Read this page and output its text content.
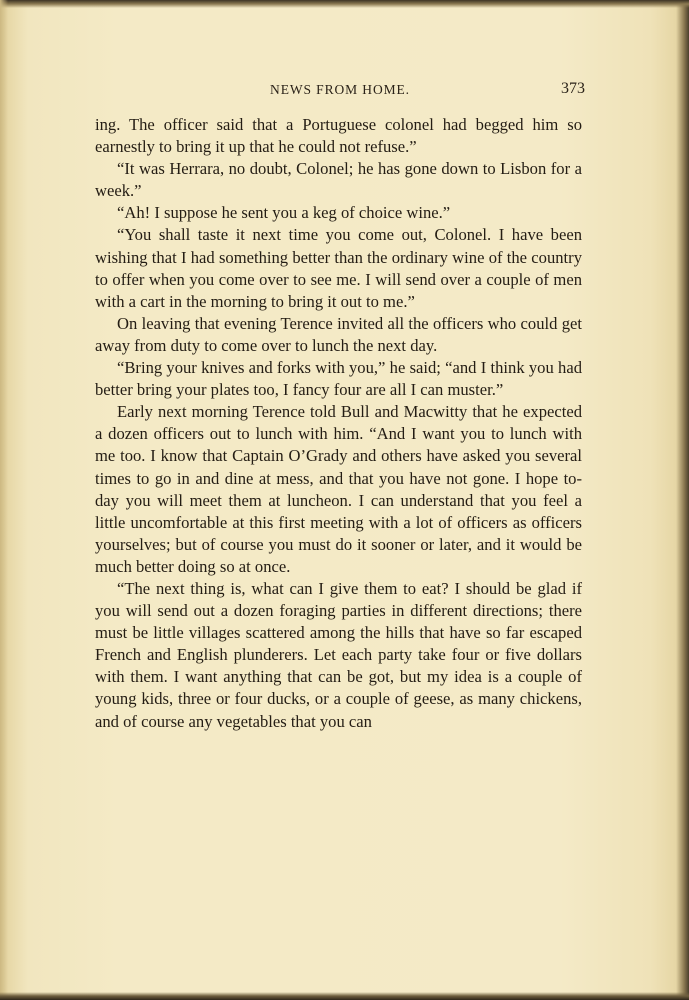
NEWS FROM HOME.	373

ing. The officer said that a Portuguese colonel had begged him so earnestly to bring it up that he could not refuse.”

“It was Herrara, no doubt, Colonel; he has gone down to Lisbon for a week.”

“Ah! I suppose he sent you a keg of choice wine.”

“You shall taste it next time you come out, Colonel. I have been wishing that I had something better than the ordinary wine of the country to offer when you come over to see me. I will send over a couple of men with a cart in the morning to bring it out to me.”

On leaving that evening Terence invited all the officers who could get away from duty to come over to lunch the next day.

“Bring your knives and forks with you,” he said; “and I think you had better bring your plates too, I fancy four are all I can muster.”

Early next morning Terence told Bull and Macwitty that he expected a dozen officers out to lunch with him. “And I want you to lunch with me too. I know that Captain O’Grady and others have asked you several times to go in and dine at mess, and that you have not gone. I hope to-day you will meet them at luncheon. I can understand that you feel a little uncomfortable at this first meeting with a lot of officers as officers yourselves; but of course you must do it sooner or later, and it would be much better doing so at once.

“The next thing is, what can I give them to eat? I should be glad if you will send out a dozen foraging parties in different directions; there must be little villages scattered among the hills that have so far escaped French and English plunderers. Let each party take four or five dollars with them. I want anything that can be got, but my idea is a couple of young kids, three or four ducks, or a couple of geese, as many chickens, and of course any vegetables that you can
